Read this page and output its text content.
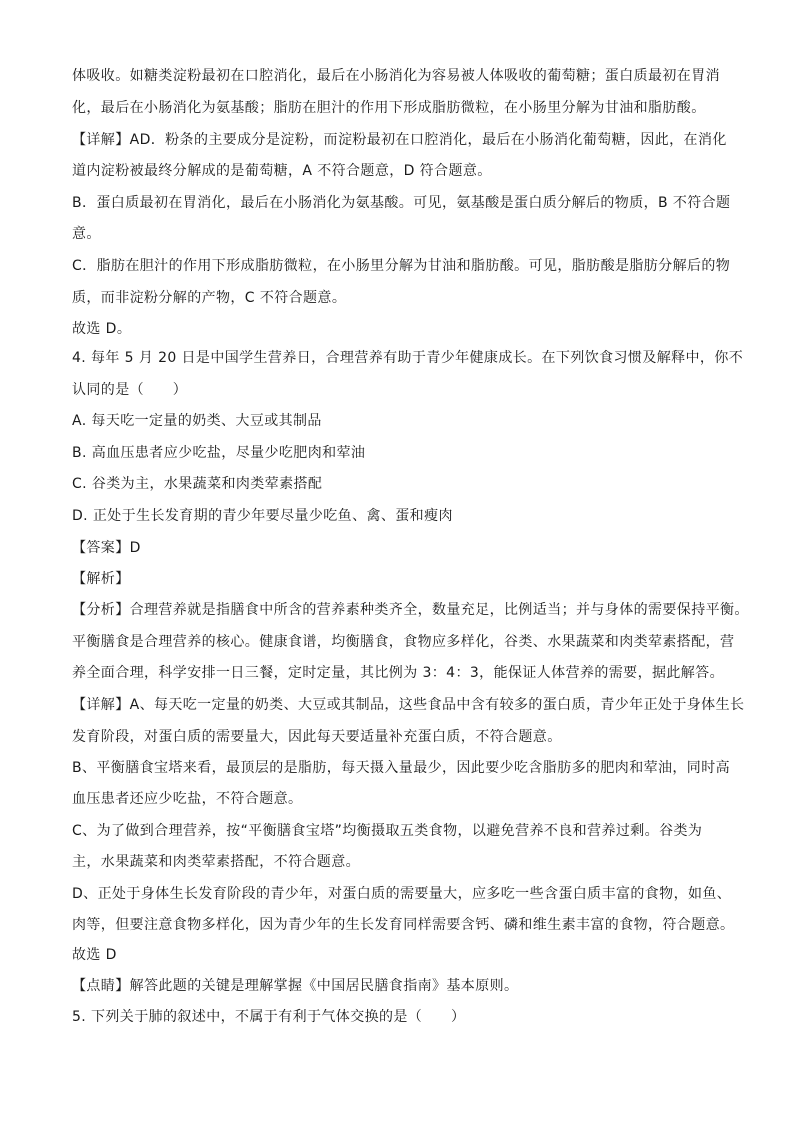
体吸收。如糖类淀粉最初在口腔消化，最后在小肠消化为容易被人体吸收的葡萄糖；蛋白质最初在胃消
化，最后在小肠消化为氨基酸；脂肪在胆汁的作用下形成脂肪微粒，在小肠里分解为甘油和脂肪酸。
【详解】AD．粉条的主要成分是淀粉，而淀粉最初在口腔消化，最后在小肠消化葡萄糖，因此，在消化
道内淀粉被最终分解成的是葡萄糖，A 不符合题意，D 符合题意。
B．蛋白质最初在胃消化，最后在小肠消化为氨基酸。可见，氨基酸是蛋白质分解后的物质，B 不符合题
意。
C．脂肪在胆汁的作用下形成脂肪微粒，在小肠里分解为甘油和脂肪酸。可见，脂肪酸是脂肪分解后的物
质，而非淀粉分解的产物，C 不符合题意。
故选 D。
4. 每年 5 月 20 日是中国学生营养日，合理营养有助于青少年健康成长。在下列饮食习惯及解释中，你不
认同的是（　　）
A. 每天吃一定量的奶类、大豆或其制品
B. 高血压患者应少吃盐，尽量少吃肥肉和荤油
C. 谷类为主，水果蔬菜和肉类荤素搭配
D. 正处于生长发育期的青少年要尽量少吃鱼、禽、蛋和瘦肉
【答案】D
【解析】
【分析】合理营养就是指膳食中所含的营养素种类齐全，数量充足，比例适当；并与身体的需要保持平衡。
平衡膳食是合理营养的核心。健康食谱，均衡膳食，食物应多样化，谷类、水果蔬菜和肉类荤素搭配，营
养全面合理，科学安排一日三餐，定时定量，其比例为 3：4：3，能保证人体营养的需要，据此解答。
【详解】A、每天吃一定量的奶类、大豆或其制品，这些食品中含有较多的蛋白质，青少年正处于身体生长
发育阶段，对蛋白质的需要量大，因此每天要适量补充蛋白质，不符合题意。
B、平衡膳食宝塔来看，最顶层的是脂肪，每天摄入量最少，因此要少吃含脂肪多的肥肉和荤油，同时高
血压患者还应少吃盐，不符合题意。
C、为了做到合理营养，按“平衡膳食宝塔”均衡摄取五类食物，以避免营养不良和营养过剩。谷类为
主，水果蔬菜和肉类荤素搭配，不符合题意。
D、正处于身体生长发育阶段的青少年，对蛋白质的需要量大，应多吃一些含蛋白质丰富的食物，如鱼、
肉等，但要注意食物多样化，因为青少年的生长发育同样需要含钙、磷和维生素丰富的食物，符合题意。
故选 D
【点睛】解答此题的关键是理解掌握《中国居民膳食指南》基本原则。
5. 下列关于肺的叙述中，不属于有利于气体交换的是（　　）
